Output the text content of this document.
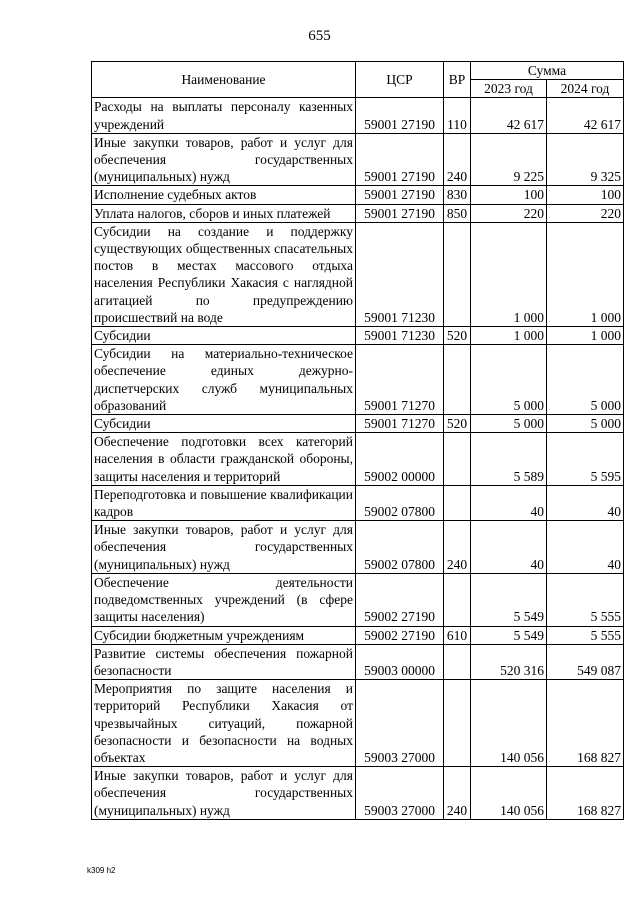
655
Наименование	ЦСР	ВР	Сумма	
			2023 год	2024 год
Расходы на выплаты персоналу казенных учреждений	59001 27190	110	42 617	42 617
Иные закупки товаров, работ и услуг для обеспечения государственных (муниципальных) нужд	59001 27190	240	9 225	9 325
Исполнение судебных актов	59001 27190	830	100	100
Уплата налогов, сборов и иных платежей	59001 27190	850	220	220
Субсидии на создание и поддержку существующих общественных спасательных постов в местах массового отдыха населения Республики Хакасия с наглядной агитацией по предупреждению происшествий на воде	59001 71230		1 000	1 000
Субсидии	59001 71230	520	1 000	1 000
Субсидии на материально-техническое обеспечение единых дежурно-диспетчерских служб муниципальных образований	59001 71270		5 000	5 000
Субсидии	59001 71270	520	5 000	5 000
Обеспечение подготовки всех категорий населения в области гражданской обороны, защиты населения и территорий	59002 00000		5 589	5 595
Переподготовка и повышение квалификации кадров	59002 07800		40	40
Иные закупки товаров, работ и услуг для обеспечения государственных (муниципальных) нужд	59002 07800	240	40	40
Обеспечение деятельности подведомственных учреждений (в сфере защиты населения)	59002 27190		5 549	5 555
Субсидии бюджетным учреждениям	59002 27190	610	5 549	5 555
Развитие системы обеспечения пожарной безопасности	59003 00000		520 316	549 087
Мероприятия по защите населения и территорий Республики Хакасия от чрезвычайных ситуаций, пожарной безопасности и безопасности на водных объектах	59003 27000		140 056	168 827
Иные закупки товаров, работ и услуг для обеспечения государственных (муниципальных) нужд	59003 27000	240	140 056	168 827
k309 h2
